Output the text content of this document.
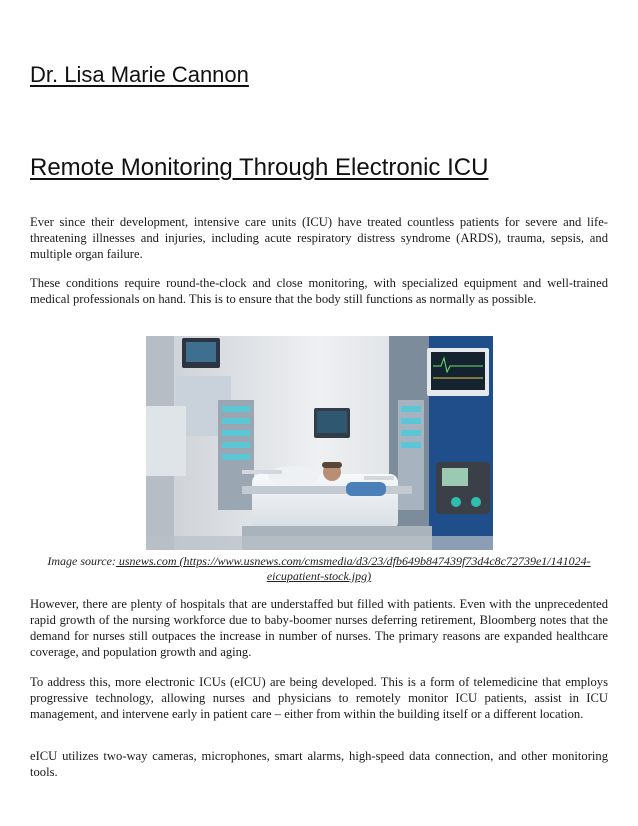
Dr. Lisa Marie Cannon
Remote Monitoring Through Electronic ICU

Ever since their development, intensive care units (ICU) have treated countless patients for severe and life-threatening illnesses and injuries, including acute respiratory distress syndrome (ARDS), trauma, sepsis, and multiple organ failure.

These conditions require round-the-clock and close monitoring, with specialized equipment and well-trained medical professionals on hand. This is to ensure that the body still functions as normally as possible.

Image source: usnews.com (https://www.usnews.com/cmsmedia/d3/23/dfb649b847439f73d4c8c72739e1/141024-eicupatient-stock.jpg)

However, there are plenty of hospitals that are understaffed but filled with patients. Even with the unprecedented rapid growth of the nursing workforce due to baby-boomer nurses deferring retirement, Bloomberg notes that the demand for nurses still outpaces the increase in number of nurses. The primary reasons are expanded healthcare coverage, and population growth and aging.

To address this, more electronic ICUs (eICU) are being developed. This is a form of telemedicine that employs progressive technology, allowing nurses and physicians to remotely monitor ICU patients, assist in ICU management, and intervene early in patient care – either from within the building itself or a different location.

eICU utilizes two-way cameras, microphones, smart alarms, high-speed data connection, and other monitoring tools.
